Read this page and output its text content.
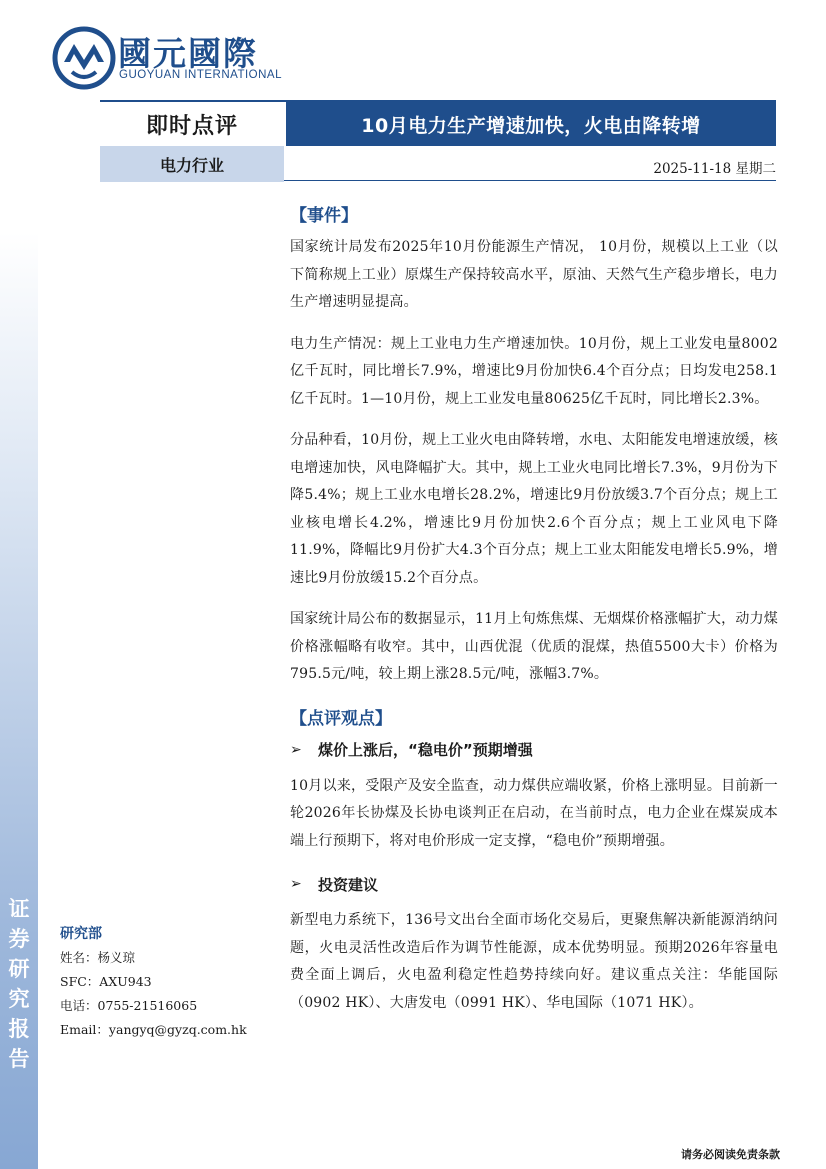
國元國際
GUOYUAN INTERNATIONAL
即时点评	10月电力生产增速加快，火电由降转增
电力行业	2025-11-18 星期二
证
券
研
究
报
告
研究部
姓名：杨义琼
SFC：AXU943
电话：0755-21516065
Email：yangyq@gyzq.com.hk
【事件】

国家统计局发布2025年10月份能源生产情况， 10月份，规模以上工业（以下简称规上工业）原煤生产保持较高水平，原油、天然气生产稳步增长，电力生产增速明显提高。

电力生产情况：规上工业电力生产增速加快。10月份，规上工业发电量8002亿千瓦时，同比增长7.9%，增速比9月份加快6.4个百分点；日均发电258.1亿千瓦时。1—10月份，规上工业发电量80625亿千瓦时，同比增长2.3%。

分品种看，10月份，规上工业火电由降转增，水电、太阳能发电增速放缓，核电增速加快，风电降幅扩大。其中，规上工业火电同比增长7.3%，9月份为下降5.4%；规上工业水电增长28.2%，增速比9月份放缓3.7个百分点；规上工业核电增长4.2%，增速比9月份加快2.6个百分点；规上工业风电下降11.9%，降幅比9月份扩大4.3个百分点；规上工业太阳能发电增长5.9%，增速比9月份放缓15.2个百分点。

国家统计局公布的数据显示，11月上旬炼焦煤、无烟煤价格涨幅扩大，动力煤价格涨幅略有收窄。其中，山西优混（优质的混煤，热值5500大卡）价格为795.5元/吨，较上期上涨28.5元/吨，涨幅3.7%。

【点评观点】
➢	煤价上涨后，“稳电价”预期增强

10月以来，受限产及安全监查，动力煤供应端收紧，价格上涨明显。目前新一轮2026年长协煤及长协电谈判正在启动，在当前时点，电力企业在煤炭成本端上行预期下，将对电价形成一定支撑，“稳电价”预期增强。

➢	投资建议

新型电力系统下，136号文出台全面市场化交易后，更聚焦解决新能源消纳问题，火电灵活性改造后作为调节性能源，成本优势明显。预期2026年容量电费全面上调后，火电盈利稳定性趋势持续向好。建议重点关注：华能国际（0902 HK）、大唐发电（0991 HK）、华电国际（1071 HK）。

请务必阅读免责条款
